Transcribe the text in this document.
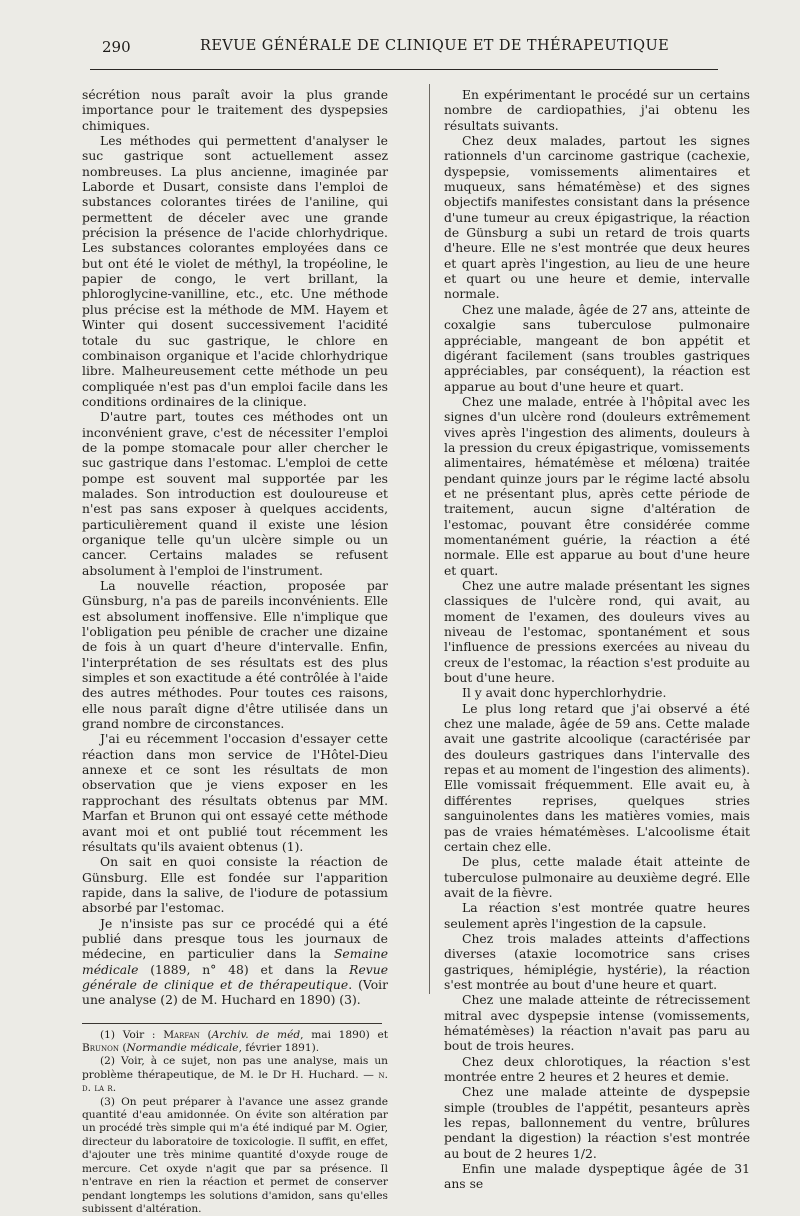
290	REVUE GÉNÉRALE DE CLINIQUE ET DE THÉRAPEUTIQUE

sécrétion nous paraît avoir la plus grande importance pour le traitement des dyspepsies chimiques.

Les méthodes qui permettent d'analyser le suc gastrique sont actuellement assez nombreuses. La plus ancienne, imaginée par Laborde et Dusart, consiste dans l'emploi de substances colorantes tirées de l'aniline, qui permettent de déceler avec une grande précision la présence de l'acide chlorhydrique. Les substances colorantes employées dans ce but ont été le violet de méthyl, la tropéoline, le papier de congo, le vert brillant, la phloroglycine-vanilline, etc., etc. Une méthode plus précise est la méthode de MM. Hayem et Winter qui dosent successivement l'acidité totale du suc gastrique, le chlore en combinaison organique et l'acide chlorhydrique libre. Malheureusement cette méthode un peu compliquée n'est pas d'un emploi facile dans les conditions ordinaires de la clinique.

D'autre part, toutes ces méthodes ont un inconvénient grave, c'est de nécessiter l'emploi de la pompe stomacale pour aller chercher le suc gastrique dans l'estomac. L'emploi de cette pompe est souvent mal supportée par les malades. Son introduction est douloureuse et n'est pas sans exposer à quelques accidents, particulièrement quand il existe une lésion organique telle qu'un ulcère simple ou un cancer. Certains malades se refusent absolument à l'emploi de l'instrument.

La nouvelle réaction, proposée par Günsburg, n'a pas de pareils inconvénients. Elle est absolument inoffensive. Elle n'implique que l'obligation peu pénible de cracher une dizaine de fois à un quart d'heure d'intervalle. Enfin, l'interprétation de ses résultats est des plus simples et son exactitude a été contrôlée à l'aide des autres méthodes. Pour toutes ces raisons, elle nous paraît digne d'être utilisée dans un grand nombre de circonstances.

J'ai eu récemment l'occasion d'essayer cette réaction dans mon service de l'Hôtel-Dieu annexe et ce sont les résultats de mon observation que je viens exposer en les rapprochant des résultats obtenus par MM. Marfan et Brunon qui ont essayé cette méthode avant moi et ont publié tout récemment les résultats qu'ils avaient obtenus (1).

On sait en quoi consiste la réaction de Günsburg. Elle est fondée sur l'apparition rapide, dans la salive, de l'iodure de potassium absorbé par l'estomac.

Je n'insiste pas sur ce procédé qui a été publié dans presque tous les journaux de médecine, en particulier dans la Semaine médicale (1889, n° 48) et dans la Revue générale de clinique et de thérapeutique. (Voir une analyse (2) de M. Huchard en 1890) (3).

(1) Voir : Marfan (Archiv. de méd, mai 1890) et Brunon (Normandie médicale, février 1891).

(2) Voir, à ce sujet, non pas une analyse, mais un problème thérapeutique, de M. le Dr H. Huchard. — n. d. la r.

(3) On peut préparer à l'avance une assez grande quantité d'eau amidonnée. On évite son altération par un procédé très simple qui m'a été indiqué par M. Ogier, directeur du laboratoire de toxicologie. Il suffit, en effet, d'ajouter une très minime quantité d'oxyde rouge de mercure. Cet oxyde n'agit que par sa présence. Il n'entrave en rien la réaction et permet de conserver pendant longtemps les solutions d'amidon, sans qu'elles subissent d'altération.

En expérimentant le procédé sur un certains nombre de cardiopathies, j'ai obtenu les résultats suivants.

Chez deux malades, partout les signes rationnels d'un carcinome gastrique (cachexie, dyspepsie, vomissements alimentaires et muqueux, sans hématémèse) et des signes objectifs manifestes consistant dans la présence d'une tumeur au creux épigastrique, la réaction de Günsburg a subi un retard de trois quarts d'heure. Elle ne s'est montrée que deux heures et quart après l'ingestion, au lieu de une heure et quart ou une heure et demie, intervalle normale.

Chez une malade, âgée de 27 ans, atteinte de coxalgie sans tuberculose pulmonaire appréciable, mangeant de bon appétit et digérant facilement (sans troubles gastriques appréciables, par conséquent), la réaction est apparue au bout d'une heure et quart.

Chez une malade, entrée à l'hôpital avec les signes d'un ulcère rond (douleurs extrêmement vives après l'ingestion des aliments, douleurs à la pression du creux épigastrique, vomissements alimentaires, hématémèse et mélœna) traitée pendant quinze jours par le régime lacté absolu et ne présentant plus, après cette période de traitement, aucun signe d'altération de l'estomac, pouvant être considérée comme momentanément guérie, la réaction a été normale. Elle est apparue au bout d'une heure et quart.

Chez une autre malade présentant les signes classiques de l'ulcère rond, qui avait, au moment de l'examen, des douleurs vives au niveau de l'estomac, spontanément et sous l'influence de pressions exercées au niveau du creux de l'estomac, la réaction s'est produite au bout d'une heure.

Il y avait donc hyperchlorhydrie.

Le plus long retard que j'ai observé a été chez une malade, âgée de 59 ans. Cette malade avait une gastrite alcoolique (caractérisée par des douleurs gastriques dans l'intervalle des repas et au moment de l'ingestion des aliments). Elle vomissait fréquemment. Elle avait eu, à différentes reprises, quelques stries sanguinolentes dans les matières vomies, mais pas de vraies hématémèses. L'alcoolisme était certain chez elle.

De plus, cette malade était atteinte de tuberculose pulmonaire au deuxième degré. Elle avait de la fièvre.

La réaction s'est montrée quatre heures seulement après l'ingestion de la capsule.

Chez trois malades atteints d'affections diverses (ataxie locomotrice sans crises gastriques, hémiplégie, hystérie), la réaction s'est montrée au bout d'une heure et quart.

Chez une malade atteinte de rétrecissement mitral avec dyspepsie intense (vomissements, hématémèses) la réaction n'avait pas paru au bout de trois heures.

Chez deux chlorotiques, la réaction s'est montrée entre 2 heures et 2 heures et demie.

Chez une malade atteinte de dyspepsie simple (troubles de l'appétit, pesanteurs après les repas, ballonnement du ventre, brûlures pendant la digestion) la réaction s'est montrée au bout de 2 heures 1/2.

Enfin une malade dyspeptique âgée de 31 ans se
